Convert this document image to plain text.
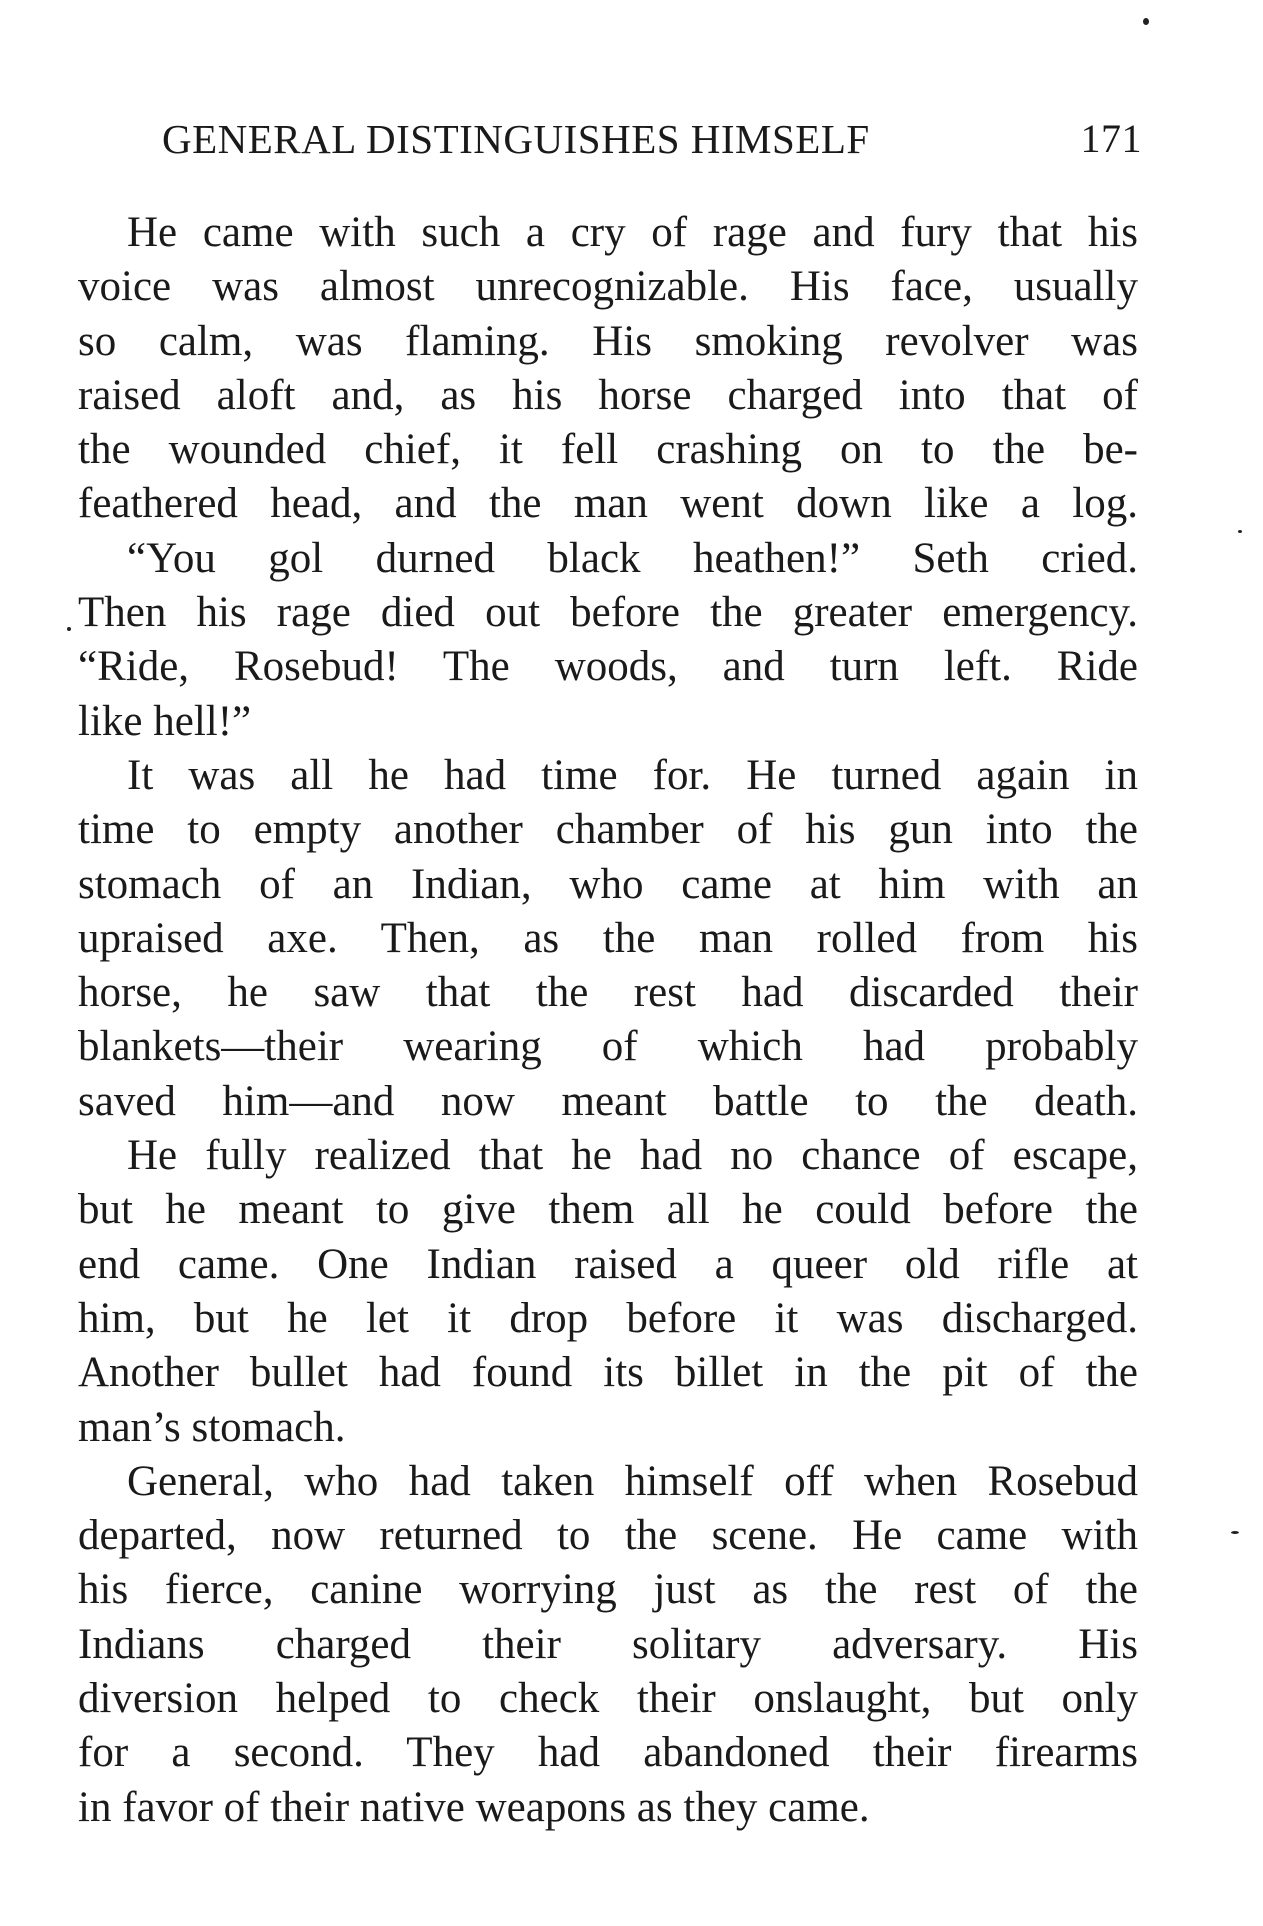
GENERAL DISTINGUISHES HIMSELF	171
He came with such a cry of rage and fury that his
voice was almost unrecognizable. His face, usually
so calm, was flaming. His smoking revolver was
raised aloft and, as his horse charged into that of
the wounded chief, it fell crashing on to the be-
feathered head, and the man went down like a log.
“You gol durned black heathen!” Seth cried.
Then his rage died out before the greater emergency.
“Ride, Rosebud! The woods, and turn left. Ride
like hell!”
It was all he had time for. He turned again in
time to empty another chamber of his gun into the
stomach of an Indian, who came at him with an
upraised axe. Then, as the man rolled from his
horse, he saw that the rest had discarded their
blankets—their wearing of which had probably
saved him—and now meant battle to the death.
He fully realized that he had no chance of escape,
but he meant to give them all he could before the
end came. One Indian raised a queer old rifle at
him, but he let it drop before it was discharged.
Another bullet had found its billet in the pit of the
man’s stomach.
General, who had taken himself off when Rosebud
departed, now returned to the scene. He came with
his fierce, canine worrying just as the rest of the
Indians charged their solitary adversary. His
diversion helped to check their onslaught, but only
for a second. They had abandoned their firearms
in favor of their native weapons as they came.
